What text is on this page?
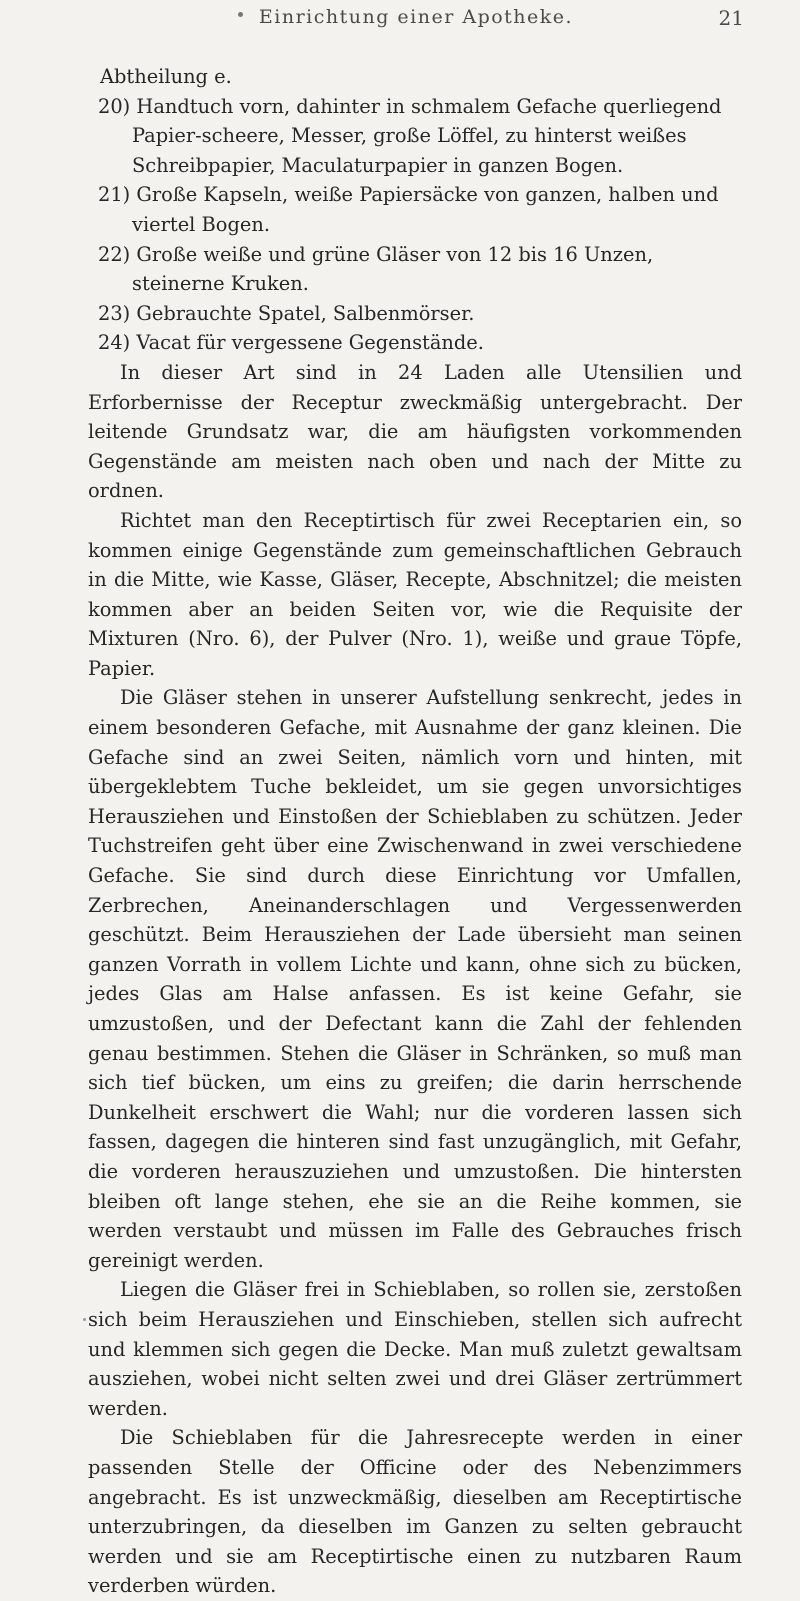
Einrichtung einer Apotheke.	21
Abtheilung e.

20) Handtuch vorn, dahinter in schmalem Gefache querliegend Papier-scheere, Messer, große Löffel, zu hinterst weißes Schreibpapier, Maculaturpapier in ganzen Bogen.

21) Große Kapseln, weiße Papiersäcke von ganzen, halben und viertel Bogen.

22) Große weiße und grüne Gläser von 12 bis 16 Unzen, steinerne Kruken.

23) Gebrauchte Spatel, Salbenmörser.

24) Vacat für vergessene Gegenstände.

In dieser Art sind in 24 Laden alle Utensilien und Erforbernisse der Receptur zweckmäßig untergebracht. Der leitende Grundsatz war, die am häufigsten vorkommenden Gegenstände am meisten nach oben und nach der Mitte zu ordnen.

Richtet man den Receptirtisch für zwei Receptarien ein, so kommen einige Gegenstände zum gemeinschaftlichen Gebrauch in die Mitte, wie Kasse, Gläser, Recepte, Abschnitzel; die meisten kommen aber an beiden Seiten vor, wie die Requisite der Mixturen (Nro. 6), der Pulver (Nro. 1), weiße und graue Töpfe, Papier.

Die Gläser stehen in unserer Aufstellung senkrecht, jedes in einem besonderen Gefache, mit Ausnahme der ganz kleinen. Die Gefache sind an zwei Seiten, nämlich vorn und hinten, mit übergeklebtem Tuche bekleidet, um sie gegen unvorsichtiges Herausziehen und Einstoßen der Schieblaben zu schützen. Jeder Tuchstreifen geht über eine Zwischenwand in zwei verschiedene Gefache. Sie sind durch diese Einrichtung vor Umfallen, Zerbrechen, Aneinanderschlagen und Vergessenwerden geschützt. Beim Herausziehen der Lade übersieht man seinen ganzen Vorrath in vollem Lichte und kann, ohne sich zu bücken, jedes Glas am Halse anfassen. Es ist keine Gefahr, sie umzustoßen, und der Defectant kann die Zahl der fehlenden genau bestimmen. Stehen die Gläser in Schränken, so muß man sich tief bücken, um eins zu greifen; die darin herrschende Dunkelheit erschwert die Wahl; nur die vorderen lassen sich fassen, dagegen die hinteren sind fast unzugänglich, mit Gefahr, die vorderen herauszuziehen und umzustoßen. Die hintersten bleiben oft lange stehen, ehe sie an die Reihe kommen, sie werden verstaubt und müssen im Falle des Gebrauches frisch gereinigt werden.

Liegen die Gläser frei in Schieblaben, so rollen sie, zerstoßen sich beim Herausziehen und Einschieben, stellen sich aufrecht und klemmen sich gegen die Decke. Man muß zuletzt gewaltsam ausziehen, wobei nicht selten zwei und drei Gläser zertrümmert werden.

Die Schieblaben für die Jahresrecepte werden in einer passenden Stelle der Officine oder des Nebenzimmers angebracht. Es ist unzweckmäßig, dieselben am Receptirtische unterzubringen, da dieselben im Ganzen zu selten gebraucht werden und sie am Receptirtische einen zu nutzbaren Raum verderben würden.
